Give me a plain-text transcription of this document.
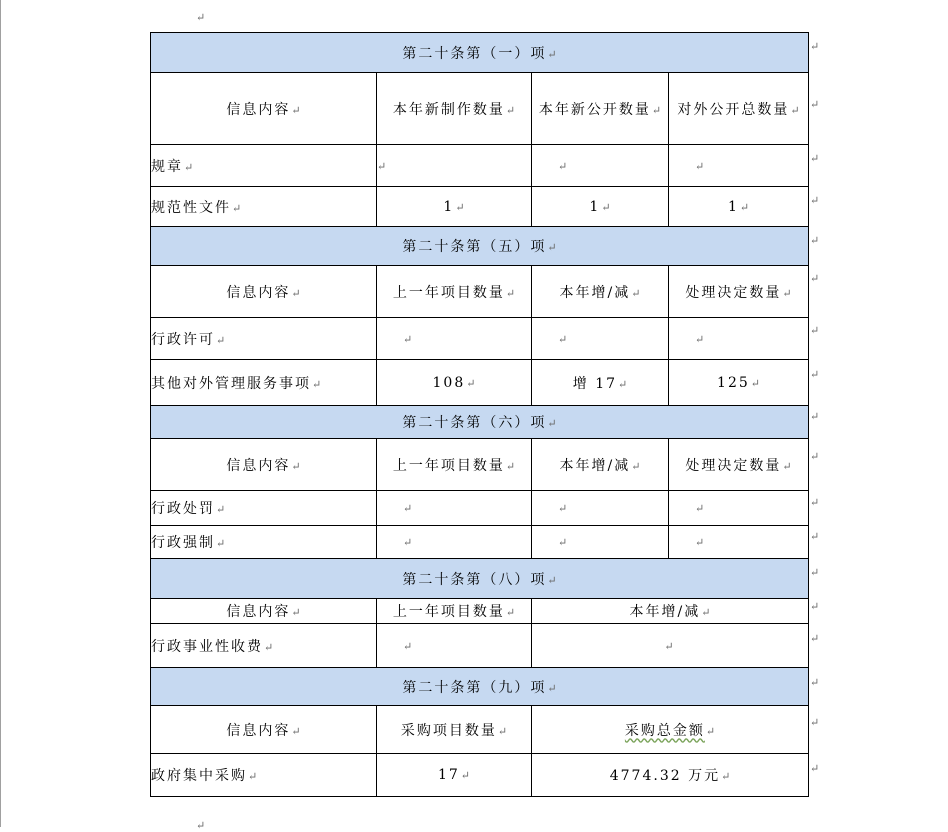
↵
↵
↵
↵
↵
↵
↵
↵
↵
↵
↵
↵
↵
↵
↵
↵
↵
↵
↵
↵
第二十条第（一）项↵			
信息内容↵	本年新制作数量↵	本年新公开数量↵	对外公开总数量↵
规章↵	↵	↵	↵
规范性文件↵	1↵	1↵	1↵
第二十条第（五）项↵			
信息内容↵	上一年项目数量↵	本年增/减↵	处理决定数量↵
行政许可↵	↵	↵	↵
其他对外管理服务事项↵	108↵	增 17↵	125↵
第二十条第（六）项↵			
信息内容↵	上一年项目数量↵	本年增/减↵	处理决定数量↵
行政处罚↵	↵	↵	↵
行政强制↵	↵	↵	↵
第二十条第（八）项↵			
信息内容↵	上一年项目数量↵	本年增/减↵	
行政事业性收费↵	↵	↵	
第二十条第（九）项↵			
信息内容↵	采购项目数量↵	采购总金额↵	
政府集中采购↵	17↵	4774.32 万元↵	
